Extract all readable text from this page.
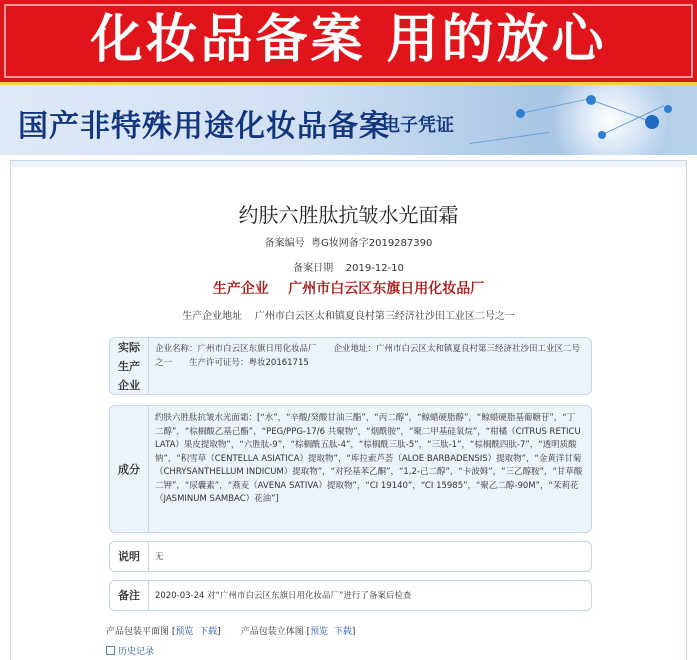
化妆品备案 用的放心
国产非特殊用途化妆品备案
电子凭证
约肤六胜肽抗皱水光面霜
备案编号 粤G妆网备字2019287390
备案日期 2019-12-10
生产企业 广州市白云区东旗日用化妆品厂
生产企业地址 广州市白云区太和镇夏良村第三经济社沙田工业区二号之一
实际
生产
企业
企业名称：广州市白云区东旗日用化妆品厂　　企业地址：广州市白云区太和镇夏良村第三经济社沙田工业区二号之一　　生产许可证号：粤妆20161715
成分
约肤六胜肽抗皱水光面霜：[“水”，“辛酸/癸酸甘油三酯”，“丙二醇”，“鲸蜡硬脂醇”，“鲸蜡硬脂基葡糖苷”，“丁二醇”，“棕榈酸乙基己酯”，“PEG/PPG-17/6 共聚物”，“烟酰胺”，“聚二甲基硅氧烷”，“柑橘（CITRUS RETICULATA）果皮提取物”，“六胜肽-9”，“棕榈酰五肽-4”，“棕榈酰三肽-5”，“三肽-1”，“棕榈酰四肽-7”，“透明质酸钠”，“积雪草（CENTELLA ASIATICA）提取物”，“库拉索芦荟（ALOE BARBADENSIS）提取物”，“金黄洋甘菊（CHRYSANTHELLUM INDICUM）提取物”，“对羟基苯乙酮”，“1,2-己二醇”，“卡波姆”，“三乙醇胺”，“甘草酸二钾”，“尿囊素”，“燕麦（AVENA SATIVA）提取物”，“CI 19140”，“CI 15985”，“聚乙二醇-90M”，“茉莉花（JASMINUM SAMBAC）花油”]
说明	无
备注	2020-03-24 对“广州市白云区东旗日用化妆品厂”进行了备案后检查
产品包装平面图 [预览 下载] 产品包装立体图 [预览 下载]
历史记录
